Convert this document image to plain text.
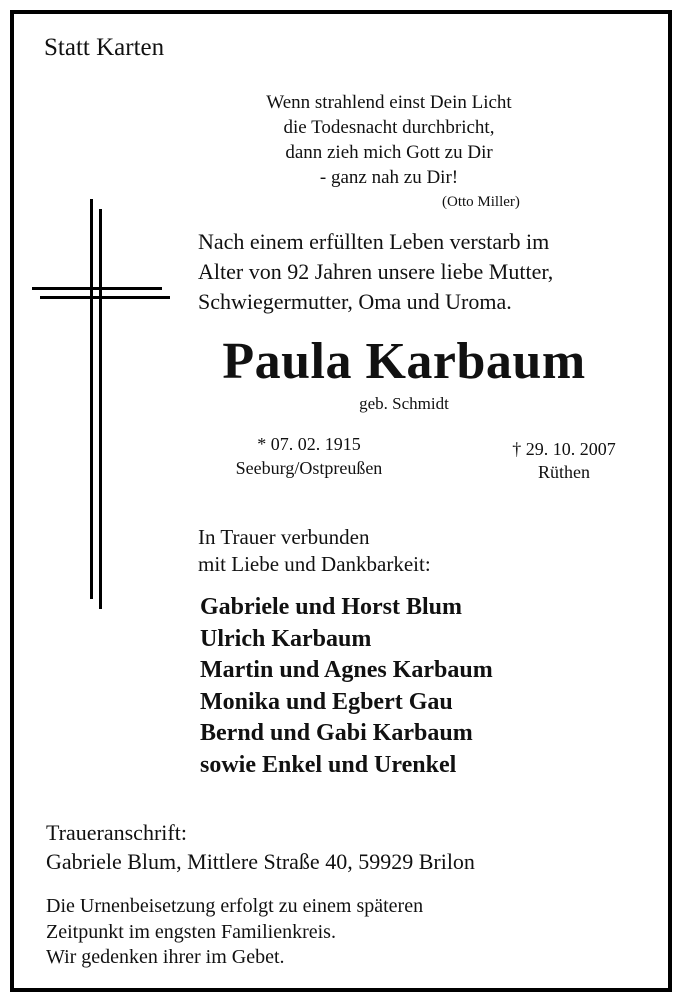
Statt Karten
Wenn strahlend einst Dein Licht
die Todesnacht durchbricht,
dann zieh mich Gott zu Dir
- ganz nah zu Dir!
(Otto Miller)
Nach einem erfüllten Leben verstarb im
Alter von 92 Jahren unsere liebe Mutter,
Schwiegermutter, Oma und Uroma.
Paula Karbaum
geb. Schmidt
* 07. 02. 1915
Seeburg/Ostpreußen
† 29. 10. 2007
Rüthen
In Trauer verbunden
mit Liebe und Dankbarkeit:
Gabriele und Horst Blum
Ulrich Karbaum
Martin und Agnes Karbaum
Monika und Egbert Gau
Bernd und Gabi Karbaum
sowie Enkel und Urenkel
Traueranschrift:
Gabriele Blum, Mittlere Straße 40, 59929 Brilon
Die Urnenbeisetzung erfolgt zu einem späteren
Zeitpunkt im engsten Familienkreis.
Wir gedenken ihrer im Gebet.
